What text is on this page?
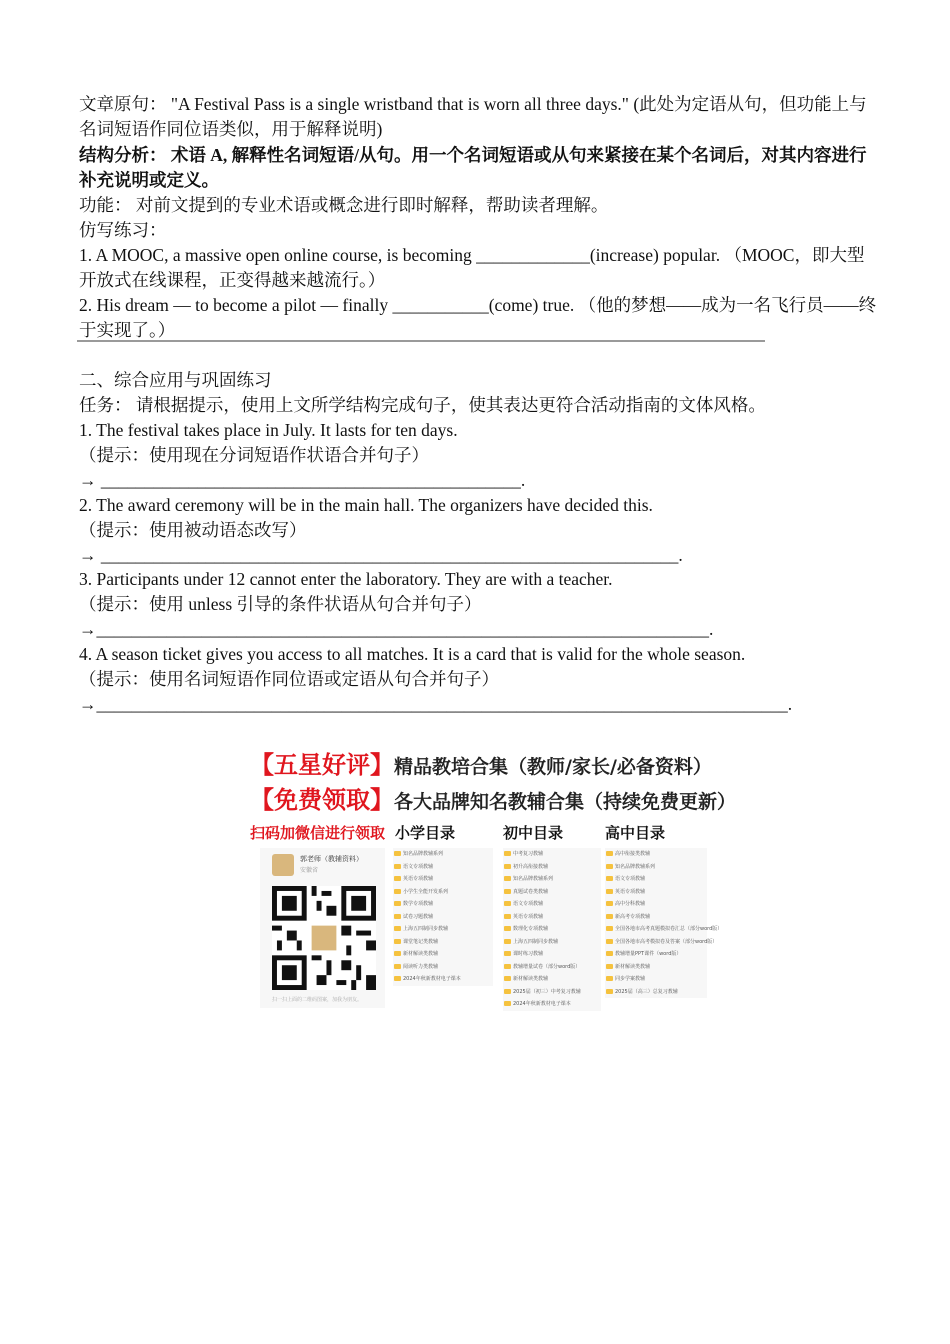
文章原句： "A Festival Pass is a single wristband that is worn all three days." (此处为定语从句，但功能上与名词短语作同位语类似，用于解释说明)
结构分析： 术语 A, 解释性名词短语/从句。用一个名词短语或从句来紧接在某个名词后，对其内容进行补充说明或定义。
功能： 对前文提到的专业术语或概念进行即时解释，帮助读者理解。
仿写练习：
1. A MOOC, a massive open online course, is becoming _____________(increase) popular. （MOOC，即大型开放式在线课程，正变得越来越流行。）
2. His dream — to become a pilot — finally ___________(come) true. （他的梦想——成为一名飞行员——终于实现了。）
二、综合应用与巩固练习
任务： 请根据提示，使用上文所学结构完成句子，使其表达更符合活动指南的文体风格。
1. The festival takes place in July. It lasts for ten days.
（提示：使用现在分词短语作状语合并句子）
→ ________________________________________________.
2. The award ceremony will be in the main hall. The organizers have decided this.
（提示：使用被动语态改写）
→ __________________________________________________________________.
3. Participants under 12 cannot enter the laboratory. They are with a teacher.
（提示：使用 unless 引导的条件状语从句合并句子）
→______________________________________________________________________.
4. A season ticket gives you access to all matches. It is a card that is valid for the whole season.
（提示：使用名词短语作同位语或定语从句合并句子）
→_______________________________________________________________________________.
【五星好评】精品教培合集（教师/家长/必备资料）
【免费领取】各大品牌知名教辅合集（持续免费更新）
扫码加微信进行领取 小学目录	初中目录	高中目录
郭老师（教辅资料）
安徽省
扫一扫上面的二维码图案，加我为朋友。
知名品牌教辅系列
语文专项教辅
英语专项教辅
小学生全能开发系列
数学专项教辅
试卷习题教辅
上海五四制同步教辅
课堂笔记类教辅
新材解读类教辅
阅读听力类教辅
2024年秋新教材电子课本
中考复习教辅
初升高衔接教辅
知名品牌教辅系列
真题试卷类教辅
语文专项教辅
英语专项教辅
数理化专项教辅
上海五四制同步教辅
课时练习教辅
教辅增量试卷（部分word版）
新材解读类教辅
2025届（初三）中考复习教辅
2024年秋新教材电子课本
高中衔接类教辅
知名品牌教辅系列
语文专项教辅
英语专项教辅
高中分科教辅
新高考专项教辅
全国各地市高考真题模拟卷汇总（部分word版）
全国各地市高考模拟卷及答案（部分word版）
教辅增量PPT课件（word版）
新材解读类教辅
同步学案教辅
2025届（高三）总复习教辅
